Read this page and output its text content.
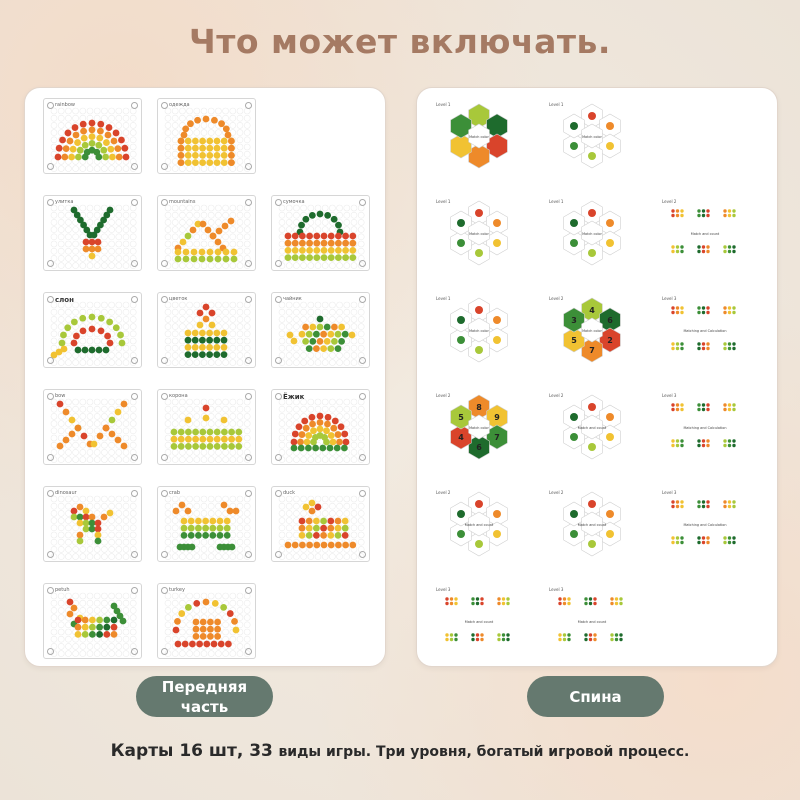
Что может включать.
rainbow	одежда
улитка	mountains	сумочка
слон	цветок	чайник
bow	корона	Ёжик
dinosaur	crab	duck
petuh	turkey
Match color
Level 1
Match color
Level 1
Match color
Level 1
Match color
Level 1
Match and count
Level 2
Match color
Level 1
4
6
2
7
5
3
Match color
Level 2
Matching and Calculation
Level 3
8
9
7
6
4
5
Match color
Level 2
Match and count
Level 2
Matching and Calculation
Level 3
Match and count
Level 2
Match and count
Level 2
Matching and Calculation
Level 3
Match and count
Level 3
Match and count
Level 3
Передняя часть
Спина
Карты 16 шт, 33 виды игры. Три уровня, богатый игровой процесс.
